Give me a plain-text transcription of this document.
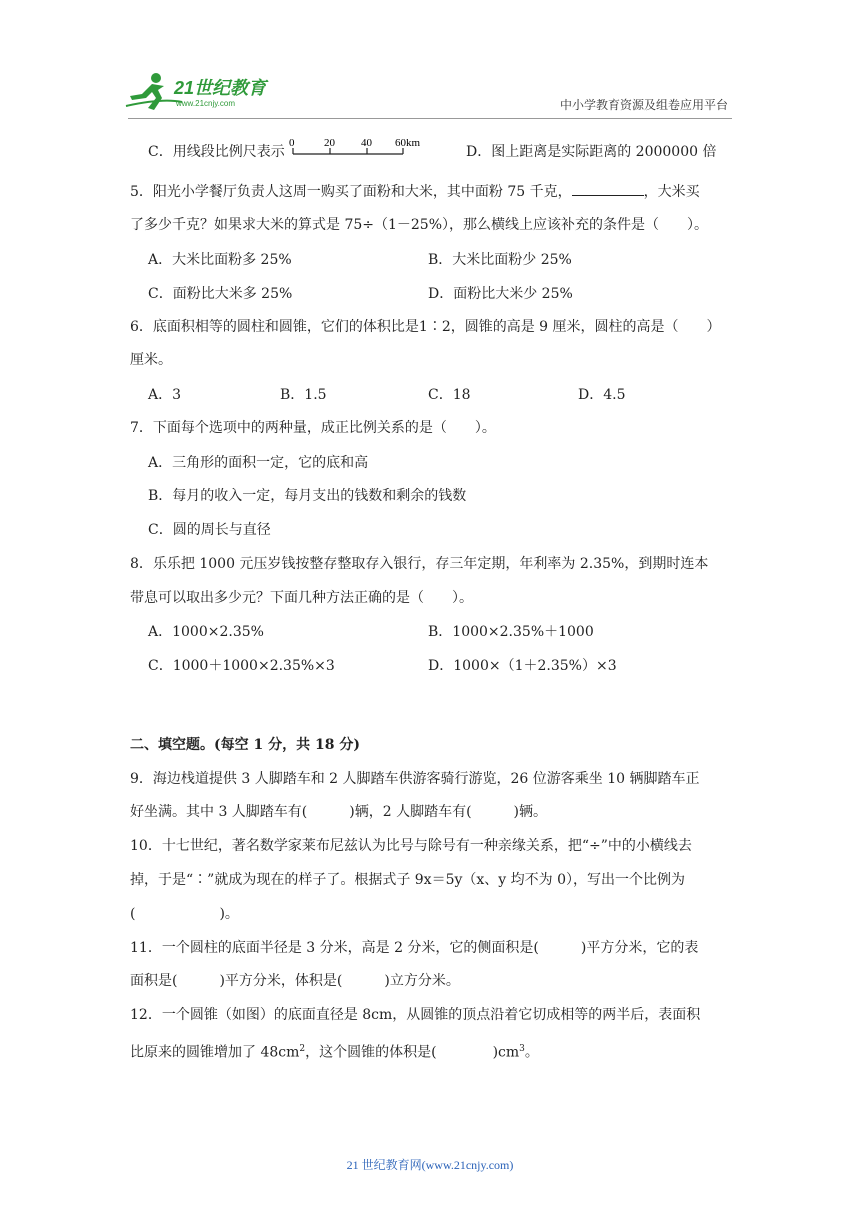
21世纪教育
www.21cnjy.com	中小学教育资源及组卷应用平台
C．用线段比例尺表示
0	20 40 60km
D．图上距离是实际距离的 2000000 倍
5．阳光小学餐厅负责人这周一购买了面粉和大米，其中面粉 75 千克，	，大米买
了多少千克？如果求大米的算式是 75÷（1－25%），那么横线上应该补充的条件是（　　）。
A．大米比面粉多 25%	B．大米比面粉少 25%
C．面粉比大米多 25%	D．面粉比大米少 25%
6．底面积相等的圆柱和圆锥，它们的体积比是1∶2，圆锥的高是 9 厘米，圆柱的高是（　　）
厘米。
A．3	B．1.5	C．18	D．4.5
7．下面每个选项中的两种量，成正比例关系的是（　　）。
A．三角形的面积一定，它的底和高
B．每月的收入一定，每月支出的钱数和剩余的钱数
C．圆的周长与直径
8．乐乐把 1000 元压岁钱按整存整取存入银行，存三年定期，年利率为 2.35%，到期时连本
带息可以取出多少元？下面几种方法正确的是（　　）。
A．1000×2.35%	B．1000×2.35%＋1000
C．1000＋1000×2.35%×3	D．1000×（1＋2.35%）×3
二、填空题。(每空 1 分，共 18 分)
9．海边栈道提供 3 人脚踏车和 2 人脚踏车供游客骑行游览，26 位游客乘坐 10 辆脚踏车正
好坐满。其中 3 人脚踏车有(　　　)辆，2 人脚踏车有(　　　)辆。
10．十七世纪，著名数学家莱布尼兹认为比号与除号有一种亲缘关系，把“÷”中的小横线去
掉，于是“∶”就成为现在的样子了。根据式子 9x＝5y（x、y 均不为 0），写出一个比例为
(　　　　　　)。
11．一个圆柱的底面半径是 3 分米，高是 2 分米，它的侧面积是(　　　)平方分米，它的表
面积是(　　　)平方分米，体积是(　　　)立方分米。
12．一个圆锥（如图）的底面直径是 8cm，从圆锥的顶点沿着它切成相等的两半后，表面积
比原来的圆锥增加了 $48cm^2$，这个圆锥的体积是(　　　　)$cm^3$。
21 世纪教育网(www.21cnjy.com)
